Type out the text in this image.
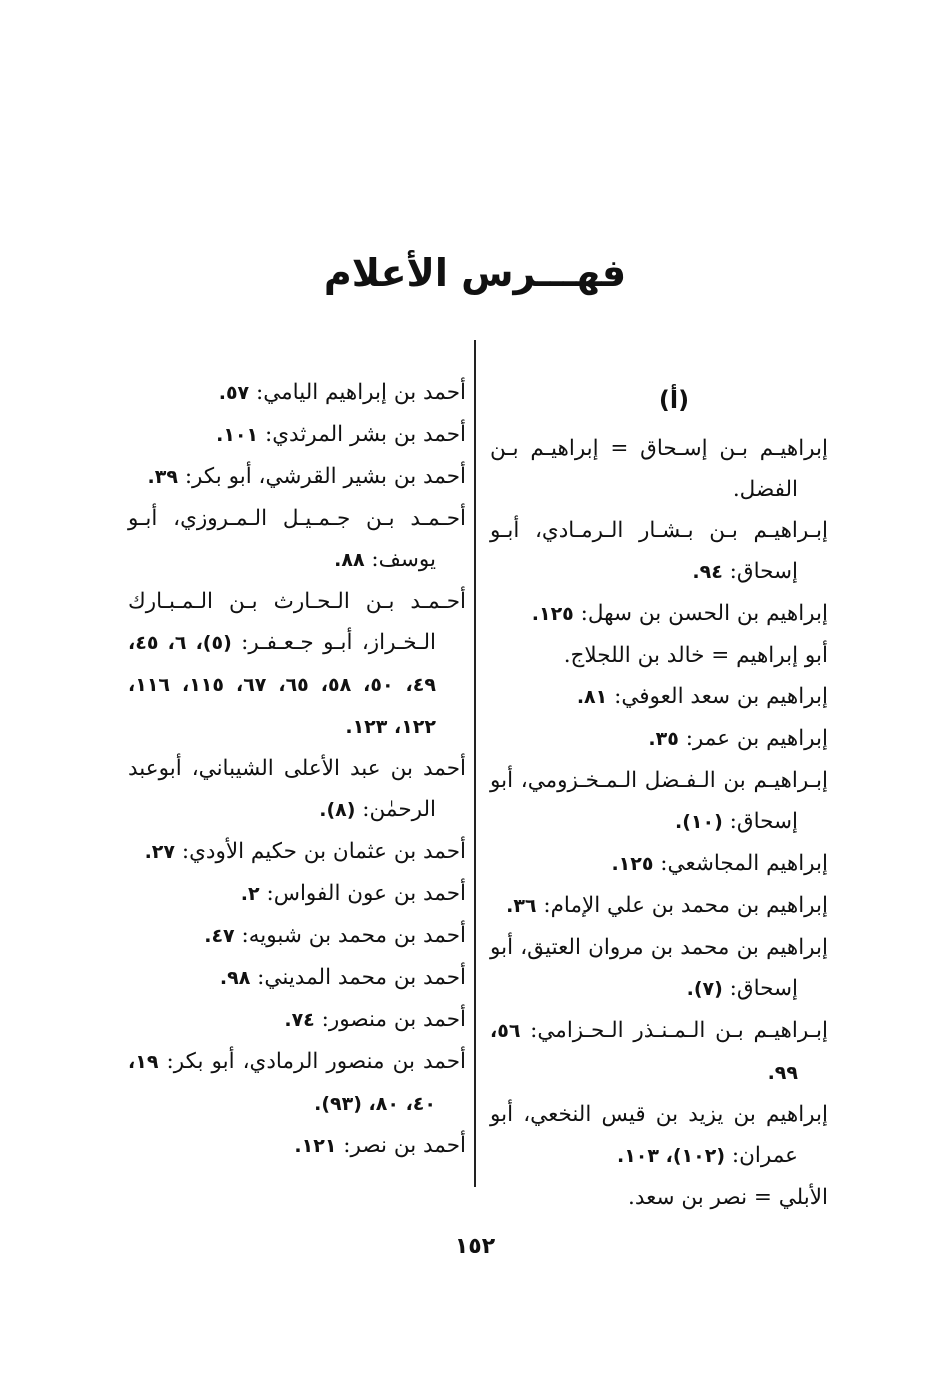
فهـــرس الأعلام
(أ)

إبراهيـم بـن إسـحاق = إبراهيـم بـن الفضل.

إبـراهيـم بـن بـشـار الـرمـادي، أبـو إسحاق: ٩٤.

إبراهيم بن الحسن بن سهل: ١٢٥.

أبو إبراهيم = خالد بن اللجلاج.

إبراهيم بن سعد العوفي: ٨١.

إبراهيم بن عمر: ٣٥.

إبـراهيـم بن الـفـضل الـمـخـزومي، أبو إسحاق: (١٠).

إبراهيم المجاشعي: ١٢٥.

إبراهيم بن محمد بن علي الإمام: ٣٦.

إبراهيم بن محمد بن مروان العتيق، أبو إسحاق: (٧).

إبـراهيـم بـن الـمـنـذر الـحـزامي: ٥٦، ٩٩.

إبراهيم بن يزيد بن قيس النخعي، أبو عمران: (١٠٢)، ١٠٣.

الأبلي = نصر بن سعد.

أحمد بن إبراهيم اليامي: ٥٧.

أحمد بن بشر المرثدي: ١٠١.

أحمد بن بشير القرشي، أبو بكر: ٣٩.

أحـمـد بـن جـمـيـل الـمـروزي، أبـو يوسف: ٨٨.

أحـمـد بـن الـحـارث بـن الـمـبـارك الـخـراز، أبـو جـعـفـر: (٥)، ٦، ٤٥، ٤٩، ٥٠، ٥٨، ٦٥، ٦٧، ١١٥، ١١٦، ١٢٢، ١٢٣.

أحمد بن عبد الأعلى الشيباني، أبوعبد الرحمٰن: (٨).

أحمد بن عثمان بن حكيم الأودي: ٢٧.

أحمد بن عون الفواس: ٢.

أحمد بن محمد بن شبويه: ٤٧.

أحمد بن محمد المديني: ٩٨.

أحمد بن منصور: ٧٤.

أحمد بن منصور الرمادي، أبو بكر: ١٩، ٤٠، ٨٠، (٩٣).

أحمد بن نصر: ١٢١.

١٥٢
